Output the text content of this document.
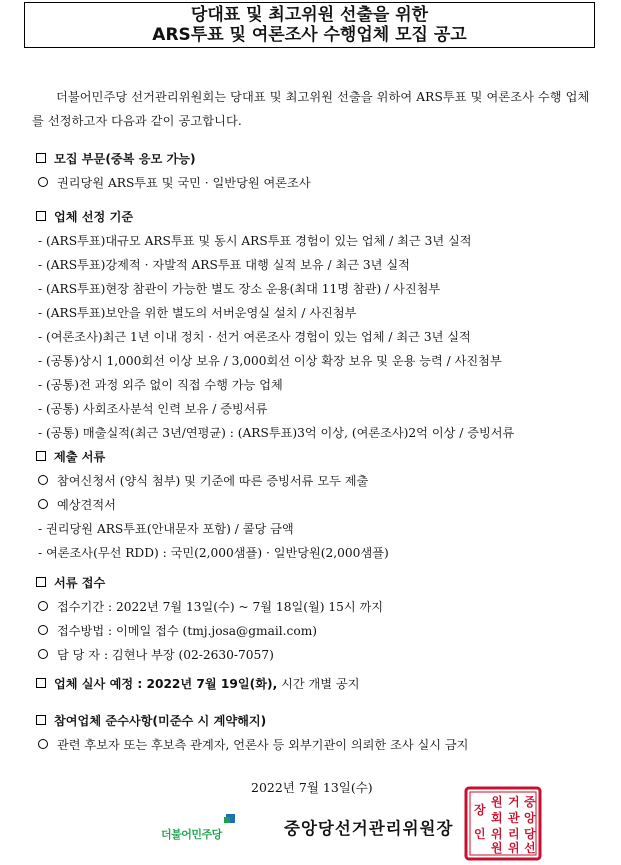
당대표 및 최고위원 선출을 위한
ARS투표 및 여론조사 수행업체 모집 공고
더불어민주당 선거관리위원회는 당대표 및 최고위원 선출을 위하여 ARS투표 및 여론조사 수행 업체를 선정하고자 다음과 같이 공고합니다.
모집 부문(중복 응모 가능)
권리당원 ARS투표 및 국민 · 일반당원 여론조사
업체 선정 기준
- (ARS투표)대규모 ARS투표 및 동시 ARS투표 경험이 있는 업체 / 최근 3년 실적
- (ARS투표)강제적 · 자발적 ARS투표 대행 실적 보유 / 최근 3년 실적
- (ARS투표)현장 참관이 가능한 별도 장소 운용(최대 11명 참관) / 사진첨부
- (ARS투표)보안을 위한 별도의 서버운영실 설치 / 사진첨부
- (여론조사)최근 1년 이내 정치 · 선거 여론조사 경험이 있는 업체 / 최근 3년 실적
- (공통)상시 1,000회선 이상 보유 / 3,000회선 이상 확장 보유 및 운용 능력 / 사진첨부
- (공통)전 과정 외주 없이 직접 수행 가능 업체
- (공통) 사회조사분석 인력 보유 / 증빙서류
- (공통) 매출실적(최근 3년/연평균) : (ARS투표)3억 이상, (여론조사)2억 이상 / 증빙서류
제출 서류
참여신청서 (양식 첨부) 및 기준에 따른 증빙서류 모두 제출
예상견적서
- 권리당원 ARS투표(안내문자 포함) / 콜당 금액
- 여론조사(무선 RDD) : 국민(2,000샘플) · 일반당원(2,000샘플)
서류 접수
접수기간 : 2022년 7월 13일(수) ~ 7월 18일(월) 15시 까지
접수방법 : 이메일 접수 (tmj.josa@gmail.com)
담 당 자 : 김현나 부장 (02-2630-7057)
업체 실사 예정 : 2022년 7월 19일(화), 시간 개별 공지
참여업체 준수사항(미준수 시 계약해지)
관련 후보자 또는 후보측 관계자, 언론사 등 외부기관이 의뢰한 조사 실시 금지
2022년 7월 13일(수)
더불어민주당	중앙당선거관리위원장
중
앙
당
선
거
관
리
위
원
회
위
원
장
인
